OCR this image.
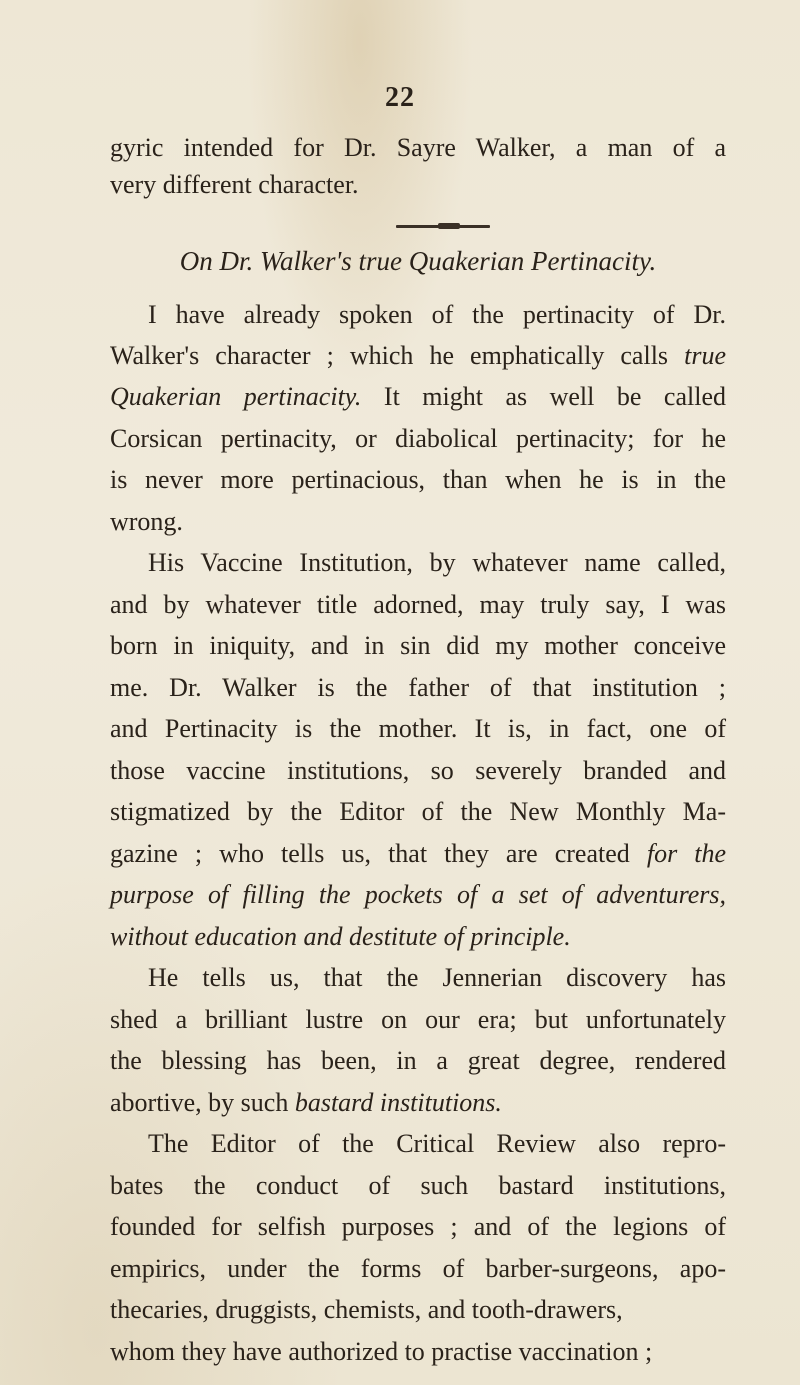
22
gyric intended for Dr. Sayre Walker, a man of a
very different character.
On Dr. Walker's true Quakerian Pertinacity.
I have already spoken of the pertinacity of Dr.
Walker's character ; which he emphatically calls true
Quakerian pertinacity. It might as well be called
Corsican pertinacity, or diabolical pertinacity; for he
is never more pertinacious, than when he is in the
wrong.
His Vaccine Institution, by whatever name called,
and by whatever title adorned, may truly say, I was
born in iniquity, and in sin did my mother conceive
me. Dr. Walker is the father of that institution ;
and Pertinacity is the mother. It is, in fact, one of
those vaccine institutions, so severely branded and
stigmatized by the Editor of the New Monthly Ma-
gazine ; who tells us, that they are created for the
purpose of filling the pockets of a set of adventurers,
without education and destitute of principle.
He tells us, that the Jennerian discovery has
shed a brilliant lustre on our era; but unfortunately
the blessing has been, in a great degree, rendered
abortive, by such bastard institutions.
The Editor of the Critical Review also repro-
bates the conduct of such bastard institutions,
founded for selfish purposes ; and of the legions of
empirics, under the forms of barber-surgeons, apo-
thecaries, druggists, chemists, and tooth-drawers,
whom they have authorized to practise vaccination ;
